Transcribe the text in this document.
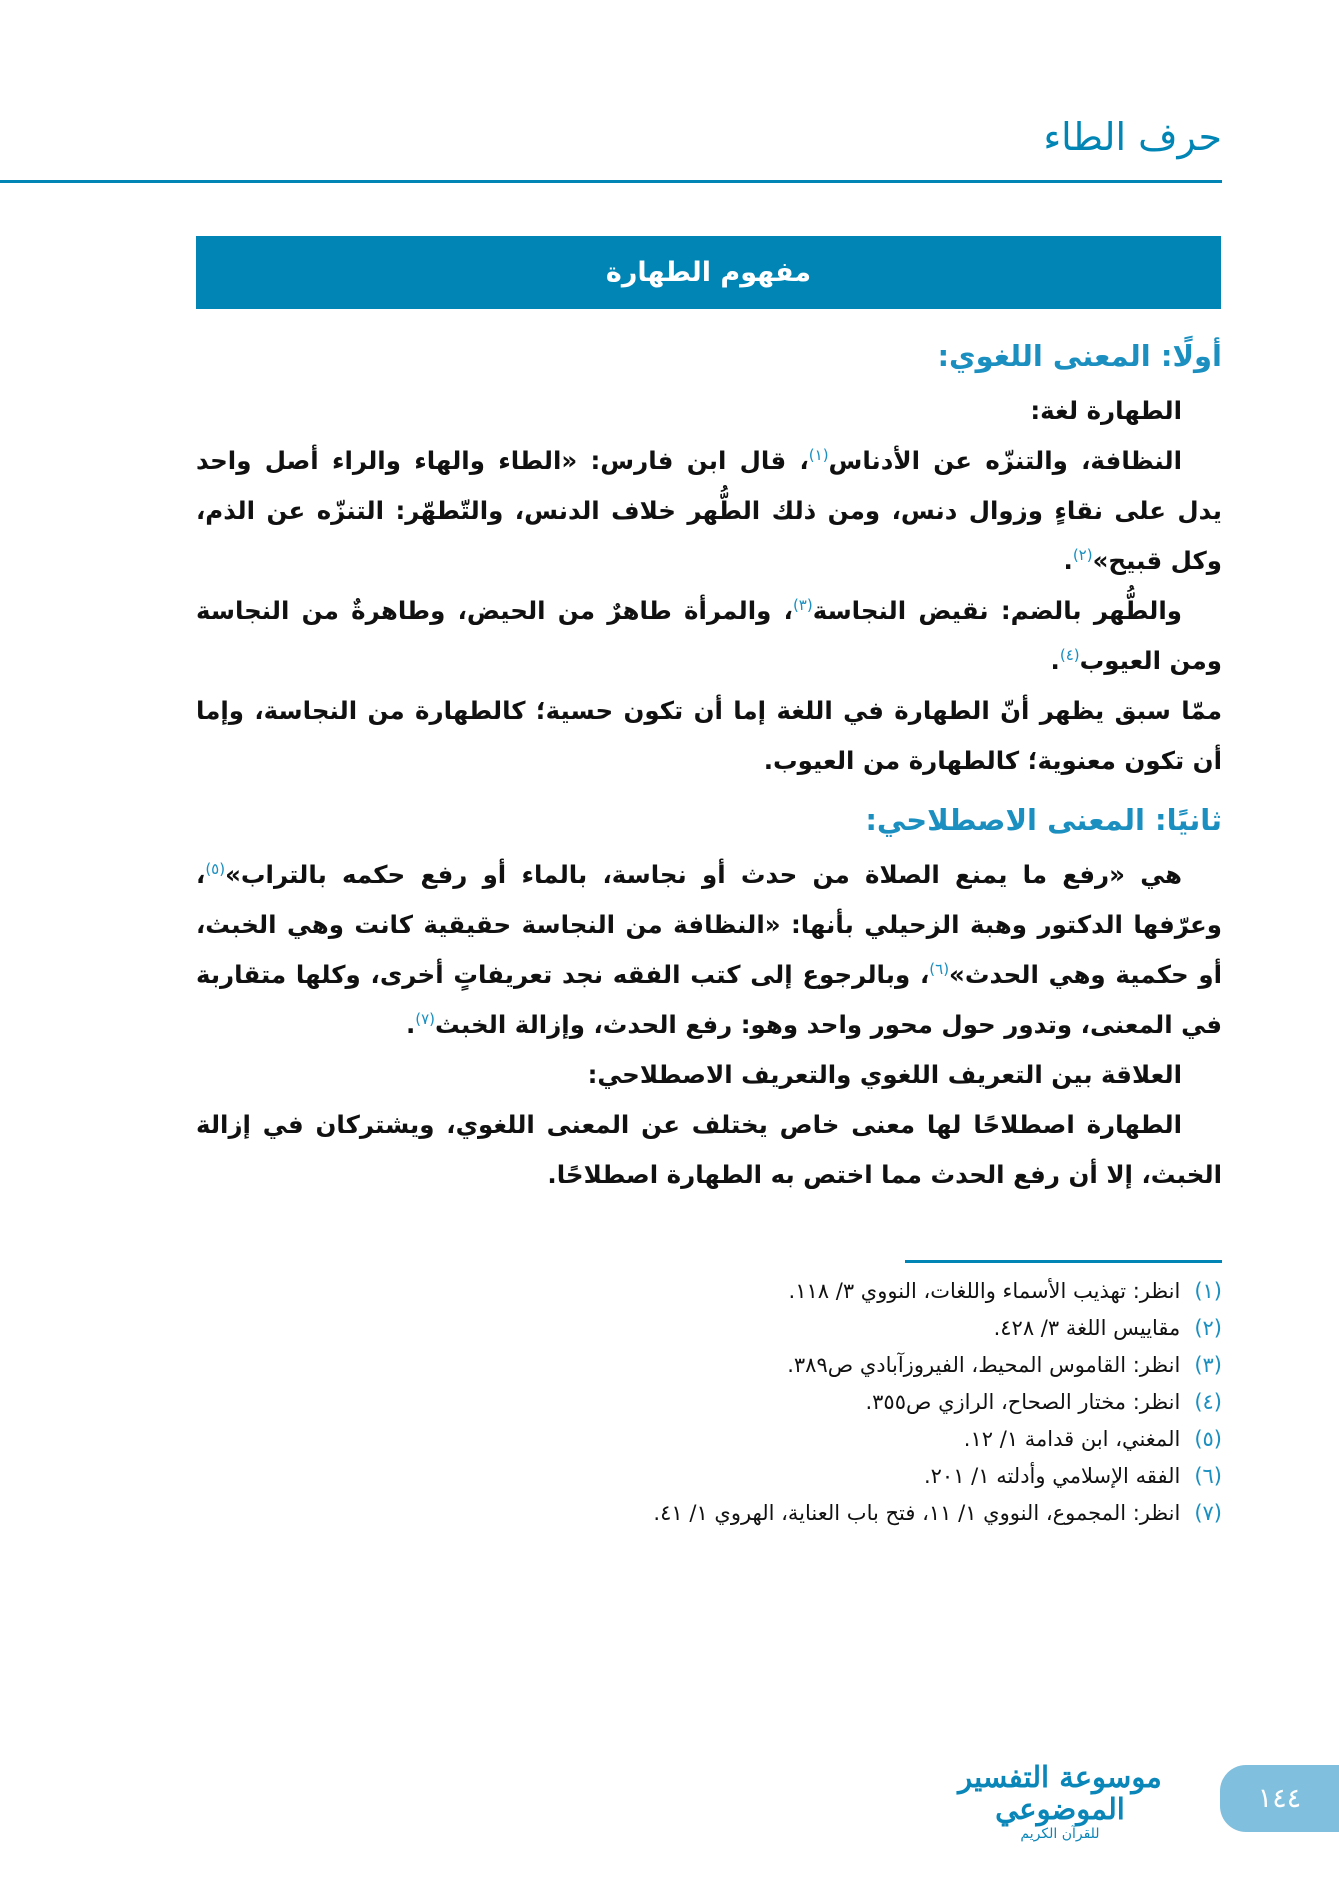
حرف الطاء
مفهوم الطهارة
أولًا: المعنى اللغوي:

الطهارة لغة:

النظافة، والتنزّه عن الأدناس$^{(١)}$، قال ابن فارس: «الطاء والهاء والراء أصل واحد يدل على نقاءٍ وزوال دنس، ومن ذلك الطُّهر خلاف الدنس، والتّطهّر: التنزّه عن الذم، وكل قبيح»$^{(٢)}$.

والطُّهر بالضم: نقيض النجاسة$^{(٣)}$، والمرأة طاهرٌ من الحيض، وطاهرةٌ من النجاسة ومن العيوب$^{(٤)}$.

ممّا سبق يظهر أنّ الطهارة في اللغة إما أن تكون حسية؛ كالطهارة من النجاسة، وإما أن تكون معنوية؛ كالطهارة من العيوب.

ثانيًا: المعنى الاصطلاحي:

هي «رفع ما يمنع الصلاة من حدث أو نجاسة، بالماء أو رفع حكمه بالتراب»$^{(٥)}$، وعرّفها الدكتور وهبة الزحيلي بأنها: «النظافة من النجاسة حقيقية كانت وهي الخبث، أو حكمية وهي الحدث»$^{(٦)}$، وبالرجوع إلى كتب الفقه نجد تعريفاتٍ أخرى، وكلها متقاربة في المعنى، وتدور حول محور واحد وهو: رفع الحدث، وإزالة الخبث$^{(٧)}$.

العلاقة بين التعريف اللغوي والتعريف الاصطلاحي:

الطهارة اصطلاحًا لها معنى خاص يختلف عن المعنى اللغوي، ويشتركان في إزالة الخبث، إلا أن رفع الحدث مما اختص به الطهارة اصطلاحًا.

(١)انظر: تهذيب الأسماء واللغات، النووي ٣/ ١١٨.
(٢)مقاييس اللغة ٣/ ٤٢٨.
(٣)انظر: القاموس المحيط، الفيروزآبادي ص٣٨٩.
(٤)انظر: مختار الصحاح، الرازي ص٣٥٥.
(٥)المغني، ابن قدامة ١/ ١٢.
(٦)الفقه الإسلامي وأدلته ١/ ٢٠١.
(٧)انظر: المجموع، النووي ١/ ١١، فتح باب العناية، الهروي ١/ ٤١.
موسوعة التفسير الموضوعي
للقرآن الكريم
١٤٤
